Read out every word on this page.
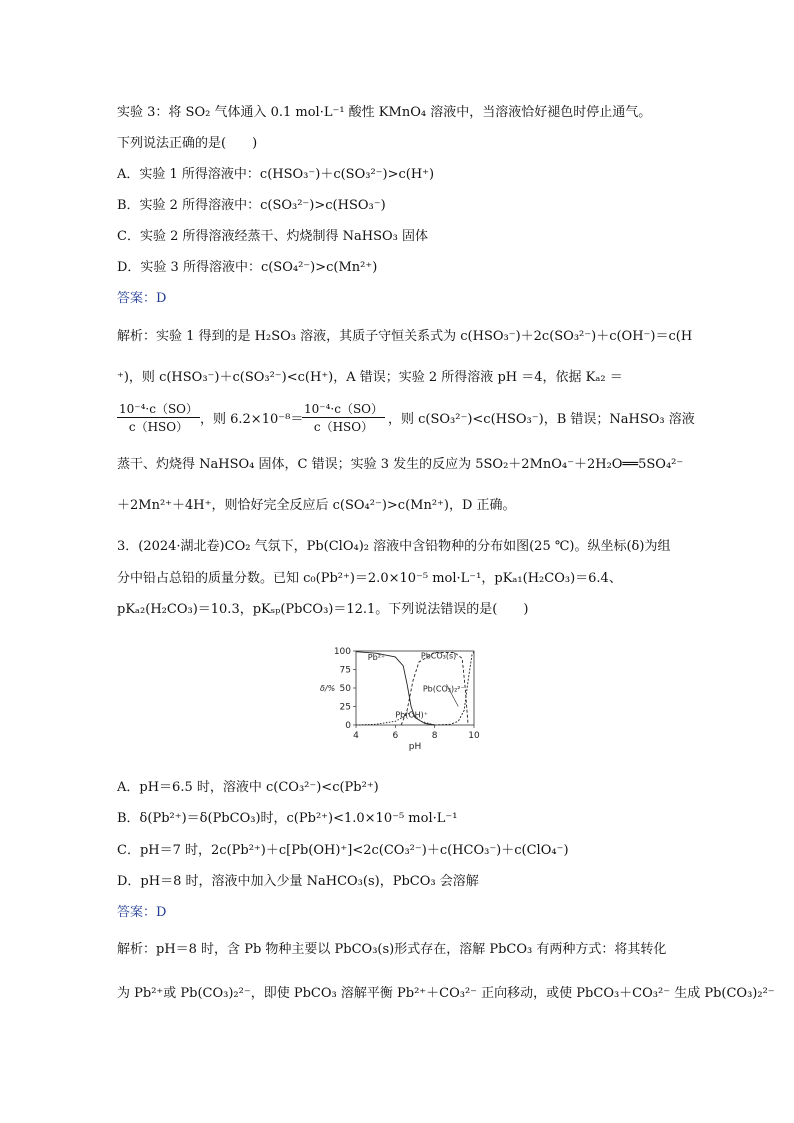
实验 3：将 SO₂ 气体通入 0.1 mol·L⁻¹ 酸性 KMnO₄ 溶液中，当溶液恰好褪色时停止通气。
下列说法正确的是(　　)
A．实验 1 所得溶液中：c(HSO₃⁻)＋c(SO₃²⁻)>c(H⁺)
B．实验 2 所得溶液中：c(SO₃²⁻)>c(HSO₃⁻)
C．实验 2 所得溶液经蒸干、灼烧制得 NaHSO₃ 固体
D．实验 3 所得溶液中：c(SO₄²⁻)>c(Mn²⁺)
答案：D
解析：实验 1 得到的是 H₂SO₃ 溶液，其质子守恒关系式为 c(HSO₃⁻)＋2c(SO₃²⁻)＋c(OH⁻)＝c(H
⁺)，则 c(HSO₃⁻)＋c(SO₃²⁻)<c(H⁺)，A 错误；实验 2 所得溶液 pH ＝4，依据 Kₐ₂ ＝
10⁻⁴·c（SO）
c（HSO） ，则 6.2×10⁻⁸＝
10⁻⁴·c（SO）
c（HSO）	，则 c(SO₃²⁻)<c(HSO₃⁻)，B 错误；NaHSO₃ 溶液
蒸干、灼烧得 NaHSO₄ 固体，C 错误；实验 3 发生的反应为 5SO₂＋2MnO₄⁻＋2H₂O══5SO₄²⁻
＋2Mn²⁺＋4H⁺，则恰好完全反应后 c(SO₄²⁻)>c(Mn²⁺)，D 正确。
3．(2024·湖北卷)CO₂ 气氛下，Pb(ClO₄)₂ 溶液中含铅物种的分布如图(25 ℃)。纵坐标(δ)为组
分中铅占总铅的质量分数。已知 c₀(Pb²⁺)＝2.0×10⁻⁵ mol·L⁻¹，pKₐ₁(H₂CO₃)＝6.4、
pKₐ₂(H₂CO₃)＝10.3，pKₛₚ(PbCO₃)＝12.1。下列说法错误的是(　　)
4	6	8	10
0
25
50
75
100
pH
δ/%
Pb²⁺
Pb(OH)⁺
PbCO₃(s)
Pb(CO₃)₂²⁻
A．pH＝6.5 时，溶液中 c(CO₃²⁻)<c(Pb²⁺)
B．δ(Pb²⁺)＝δ(PbCO₃)时，c(Pb²⁺)<1.0×10⁻⁵ mol·L⁻¹
C．pH＝7 时，2c(Pb²⁺)＋c[Pb(OH)⁺]<2c(CO₃²⁻)＋c(HCO₃⁻)＋c(ClO₄⁻)
D．pH＝8 时，溶液中加入少量 NaHCO₃(s)，PbCO₃ 会溶解
答案：D
解析：pH＝8 时，含 Pb 物种主要以 PbCO₃(s)形式存在，溶解 PbCO₃ 有两种方式：将其转化
为 Pb²⁺或 Pb(CO₃)₂²⁻，即使 PbCO₃ 溶解平衡 Pb²⁺＋CO₃²⁻ 正向移动，或使 PbCO₃＋CO₃²⁻ 生成 Pb(CO₃)₂²⁻
